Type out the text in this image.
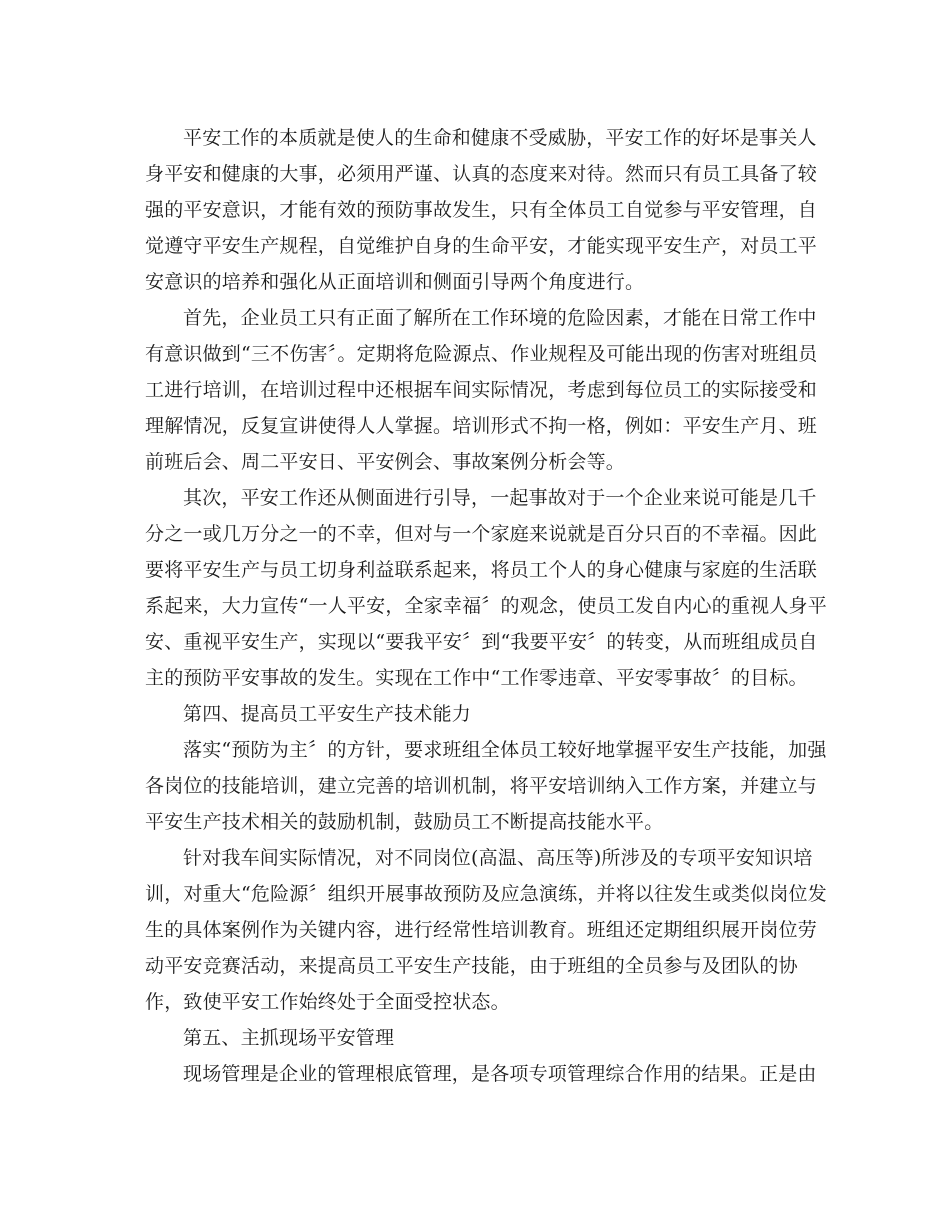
平安工作的本质就是使人的生命和健康不受威胁，平安工作的好坏是事关人
身平安和健康的大事，必须用严谨、认真的态度来对待。然而只有员工具备了较
强的平安意识，才能有效的预防事故发生，只有全体员工自觉参与平安管理，自
觉遵守平安生产规程，自觉维护自身的生命平安，才能实现平安生产，对员工平
安意识的培养和强化从正面培训和侧面引导两个角度进行。
首先，企业员工只有正面了解所在工作环境的危险因素，才能在日常工作中
有意识做到“三不伤害〞。定期将危险源点、作业规程及可能出现的伤害对班组员
工进行培训，在培训过程中还根据车间实际情况，考虑到每位员工的实际接受和
理解情况，反复宣讲使得人人掌握。培训形式不拘一格，例如：平安生产月、班
前班后会、周二平安日、平安例会、事故案例分析会等。
其次，平安工作还从侧面进行引导，一起事故对于一个企业来说可能是几千
分之一或几万分之一的不幸，但对与一个家庭来说就是百分只百的不幸福。因此
要将平安生产与员工切身利益联系起来，将员工个人的身心健康与家庭的生活联
系起来，大力宣传“一人平安，全家幸福〞的观念，使员工发自内心的重视人身平
安、重视平安生产，实现以“要我平安〞到“我要平安〞的转变，从而班组成员自
主的预防平安事故的发生。实现在工作中“工作零违章、平安零事故〞的目标。
第四、提高员工平安生产技术能力
落实“预防为主〞的方针，要求班组全体员工较好地掌握平安生产技能，加强
各岗位的技能培训，建立完善的培训机制，将平安培训纳入工作方案，并建立与
平安生产技术相关的鼓励机制，鼓励员工不断提高技能水平。
针对我车间实际情况，对不同岗位(高温、高压等)所涉及的专项平安知识培
训，对重大“危险源〞组织开展事故预防及应急演练，并将以往发生或类似岗位发
生的具体案例作为关键内容，进行经常性培训教育。班组还定期组织展开岗位劳
动平安竞赛活动，来提高员工平安生产技能，由于班组的全员参与及团队的协
作，致使平安工作始终处于全面受控状态。
第五、主抓现场平安管理
现场管理是企业的管理根底管理，是各项专项管理综合作用的结果。正是由
